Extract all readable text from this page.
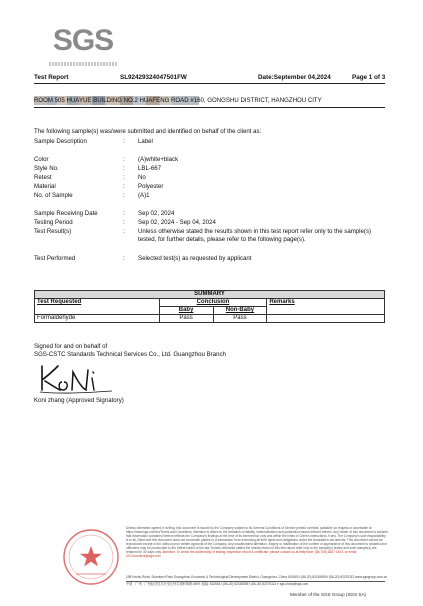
SGS
Test Report	SL92429324047501FW	Date:September 04,2024	Page 1 of 3
ROOM 505 HUAYUE BUILDING NO.2 HUAFENG ROAD #160, GONGSHU DISTRICT, HANGZHOU CITY
The following sample(s) was/were submitted and identified on behalf of the client as:
Sample Description	: Label
Color	: (A)white+black
Style No.	: LBL-667
Retest	: No
Material	: Polyester
No. of Sample	: (A)1
Sample Receiving Date	: Sep 02, 2024
Testing Period	: Sep 02, 2024 - Sep 04, 2024
Test Result(s)	: Unless otherwise stated the results shown in this test report refer only to the sample(s) tested, for further details, please refer to the following page(s).
Test Performed	: Selected test(s) as requested by applicant
SUMMARY			
Test Requested	Conclusion		Remarks
	Baby	Non-Baby	
Formaldehyde	Pass	Pass	
Signed for and on behalf of
SGS-CSTC Standards Technical Services Co., Ltd. Guangzhou Branch
Koni zhang (Approved Signatory)
Unless otherwise agreed in writing, this document is issued by the Company subject to its General Conditions of Service printed overleaf, available on request or accessible at https://www.sgs.com/en/Terms-and-Conditions. Attention is drawn to the limitation of liability, indemnification and jurisdiction issues defined therein. Any holder of this document is advised that information contained hereon reflects the Company's findings at the time of its intervention only and within the limits of Client's instructions, if any. The Company's sole responsibility is to its Client and this document does not exonerate parties to a transaction from exercising all their rights and obligations under the transaction documents. This document cannot be reproduced except in full, without prior written approval of the Company. Any unauthorized alteration, forgery or falsification of the content or appearance of this document is unlawful and offenders may be prosecuted to the fullest extent of the law. Unless otherwise stated the results shown in this test report refer only to the sample(s) tested and such sample(s) are retained for 30 days only. Attention: To check the authenticity of testing /inspection report & certificate, please contact us at telephone: (86-755) 8307 1443, or email: CN.Doccheck@sgs.com
198 Kezhu Road, Scientech Park Guangzhou Economic & Technological Development District, Guangzhou, China 510663 t (86-20) 82155555 f (86-20) 82075113 www.sgsgroup.com.cn
中国 · 广州 · 广州经济技术开发区科学城科珠路198号 邮编: 510663 t (86-20) 82155555 f (86-20) 82075113 e sgs.china@sgs.com
Member of the SGS Group (SGS SA)
